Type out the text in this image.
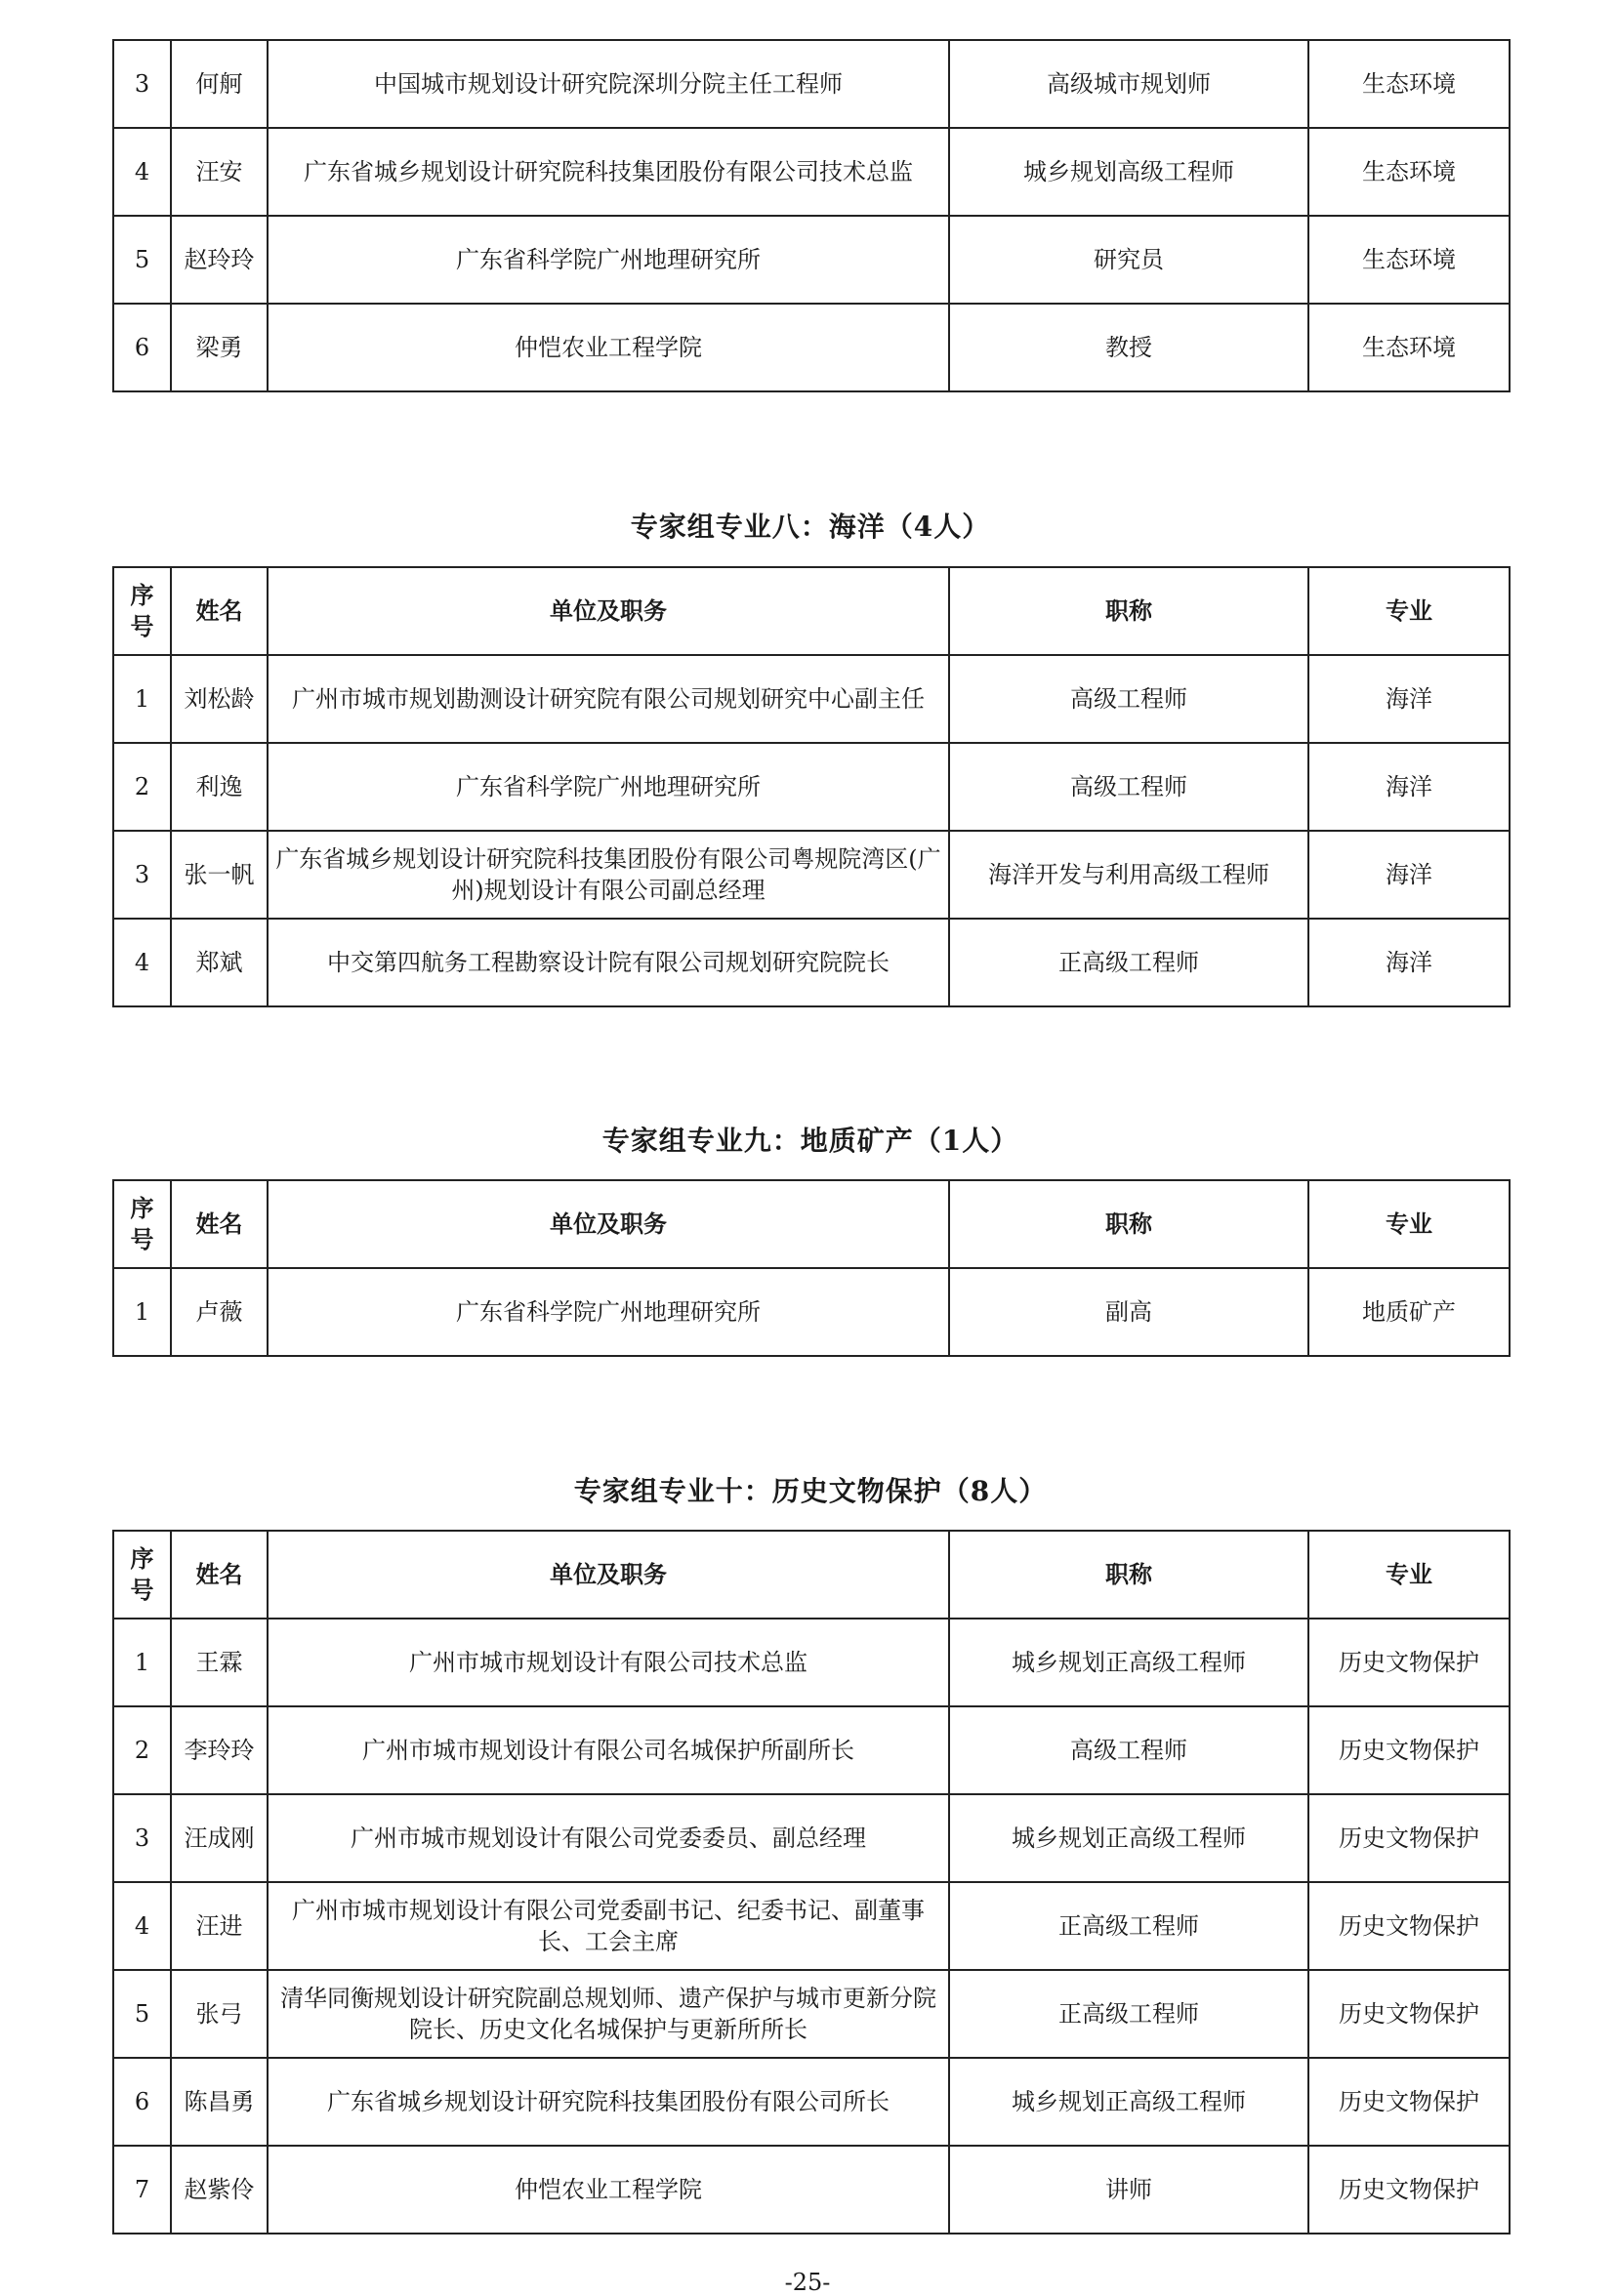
3	何舸	中国城市规划设计研究院深圳分院主任工程师	高级城市规划师	生态环境
4	汪安	广东省城乡规划设计研究院科技集团股份有限公司技术总监	城乡规划高级工程师	生态环境
5	赵玲玲	广东省科学院广州地理研究所	研究员	生态环境
6	梁勇	仲恺农业工程学院	教授	生态环境
专家组专业八：海洋（4人）
序号	姓名	单位及职务	职称	专业
1	刘松龄	广州市城市规划勘测设计研究院有限公司规划研究中心副主任	高级工程师	海洋
2	利逸	广东省科学院广州地理研究所	高级工程师	海洋
3	张一帆	广东省城乡规划设计研究院科技集团股份有限公司粤规院湾区(广州)规划设计有限公司副总经理	海洋开发与利用高级工程师	海洋
4	郑斌	中交第四航务工程勘察设计院有限公司规划研究院院长	正高级工程师	海洋
专家组专业九：地质矿产（1人）
序号	姓名	单位及职务	职称	专业
1	卢薇	广东省科学院广州地理研究所	副高	地质矿产
专家组专业十：历史文物保护（8人）
序号	姓名	单位及职务	职称	专业
1	王霖	广州市城市规划设计有限公司技术总监	城乡规划正高级工程师	历史文物保护
2	李玲玲	广州市城市规划设计有限公司名城保护所副所长	高级工程师	历史文物保护
3	汪成刚	广州市城市规划设计有限公司党委委员、副总经理	城乡规划正高级工程师	历史文物保护
4	汪进	广州市城市规划设计有限公司党委副书记、纪委书记、副董事长、工会主席	正高级工程师	历史文物保护
5	张弓	清华同衡规划设计研究院副总规划师、遗产保护与城市更新分院院长、历史文化名城保护与更新所所长	正高级工程师	历史文物保护
6	陈昌勇	广东省城乡规划设计研究院科技集团股份有限公司所长	城乡规划正高级工程师	历史文物保护
7	赵紫伶	仲恺农业工程学院	讲师	历史文物保护
-25-
